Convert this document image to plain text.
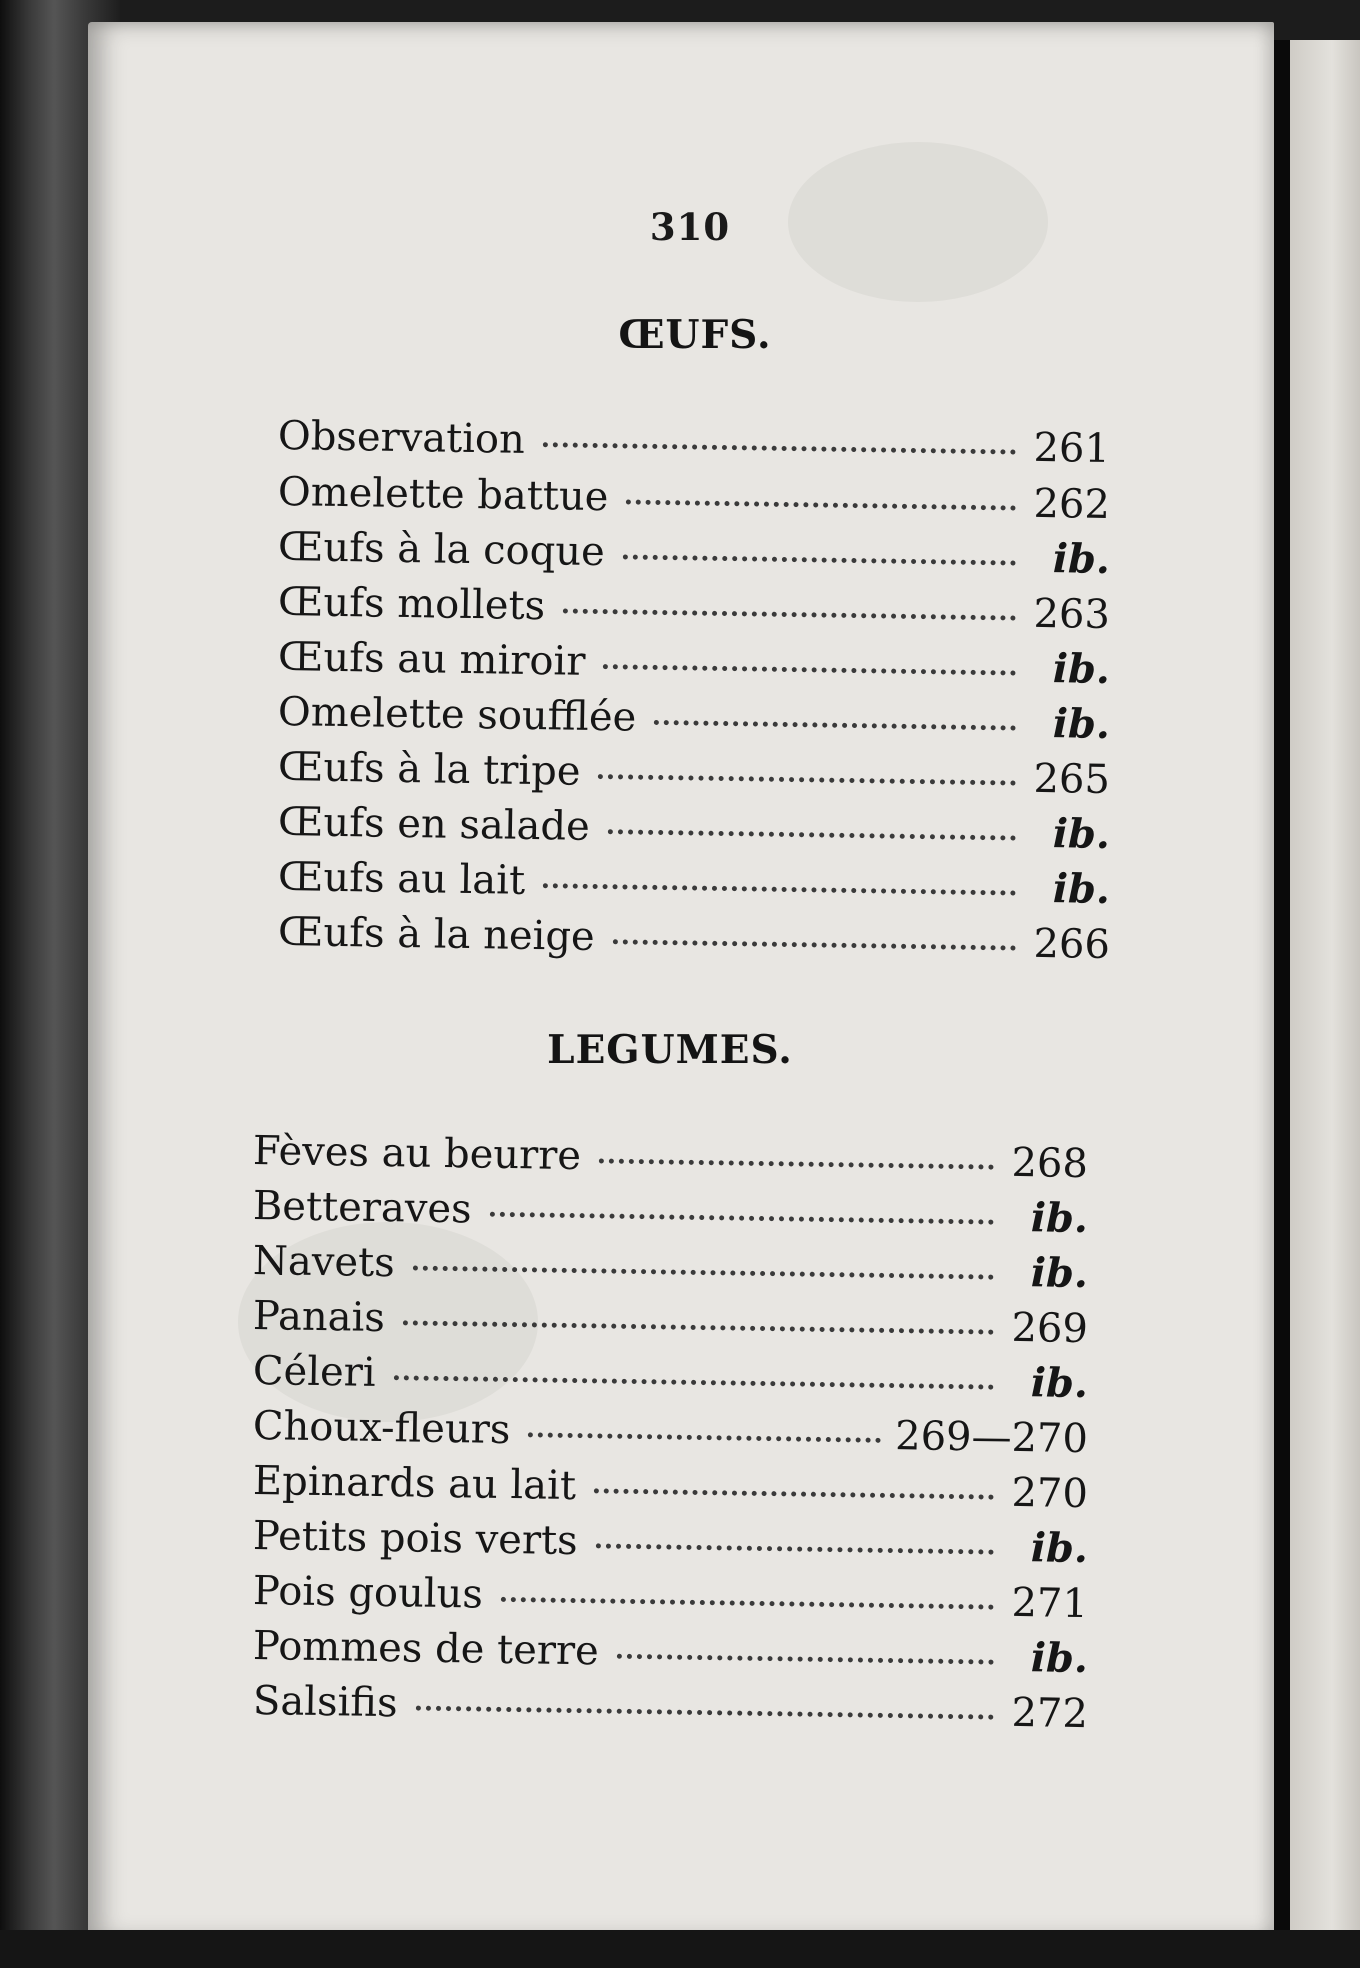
310
ŒUFS.
Observation	261
Omelette battue	262
Œufs à la coque	ib.
Œufs mollets	263
Œufs au miroir	ib.
Omelette soufflée	ib.
Œufs à la tripe	265
Œufs en salade	ib.
Œufs au lait	ib.
Œufs à la neige	266
LEGUMES.
Fèves au beurre	268
Betteraves	ib.
Navets	ib.
Panais	269
Céleri	ib.
Choux-fleurs	269—270
Epinards au lait	270
Petits pois verts	ib.
Pois goulus	271
Pommes de terre	ib.
Salsifis	272
